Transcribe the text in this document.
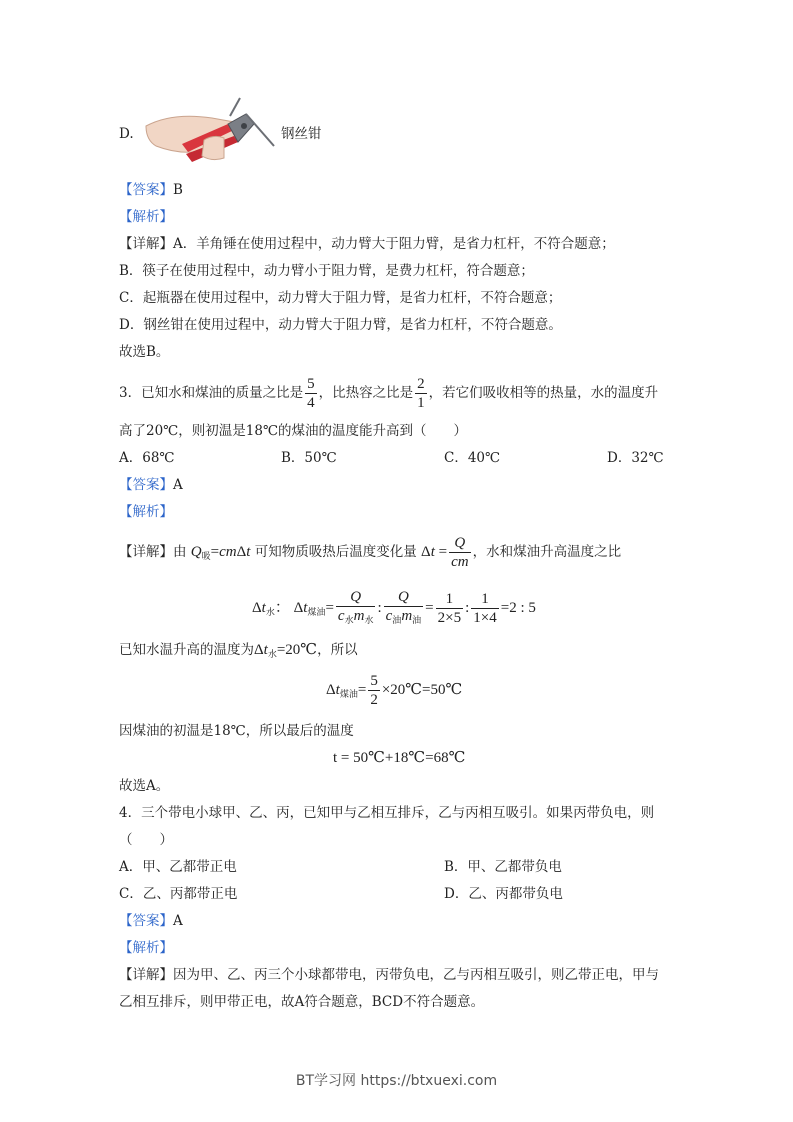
D.	钢丝钳
【答案】B
【解析】
【详解】A．羊角锤在使用过程中，动力臂大于阻力臂，是省力杠杆，不符合题意；
B．筷子在使用过程中，动力臂小于阻力臂，是费力杠杆，符合题意；
C．起瓶器在使用过程中，动力臂大于阻力臂，是省力杠杆，不符合题意；
D．钢丝钳在使用过程中，动力臂大于阻力臂，是省力杠杆，不符合题意。
故选B。
3．已知水和煤油的质量之比是 $\frac{5}{4}$ ，比热容之比是 $\frac{2}{1}$ ，若它们吸收相等的热量，水的温度升
高了20℃，则初温是18℃的煤油的温度能升高到（　　）
A．68℃	B．50℃	C．40℃	D．32℃
【答案】A
【解析】
【详解】由 $Q_吸=cm\Delta t$ 可知物质吸热后温度变化量 $\Delta t = \frac{Q}{cm}$ ，水和煤油升高温度之比
$\Delta t_水$： $\Delta t_{煤油}= \frac{Q}{c_水m_水}$ : $\frac{Q}{c_油m_油} = \frac{1}{2\times 5}$ : $\frac{1}{1\times 4} =2$ : 5
已知水温升高的温度为$\Delta t_水=20℃$，所以
$\Delta t_{煤油}= \frac{5}{2}$ ×20℃=50℃
因煤油的初温是18℃，所以最后的温度
t = 50℃+18℃=68℃
故选A。
4．三个带电小球甲、乙、丙，已知甲与乙相互排斥，乙与丙相互吸引。如果丙带负电，则
（　　）
A．甲、乙都带正电	B．甲、乙都带负电
C．乙、丙都带正电	D．乙、丙都带负电
【答案】A
【解析】
【详解】因为甲、乙、丙三个小球都带电，丙带负电，乙与丙相互吸引，则乙带正电，甲与
乙相互排斥，则甲带正电，故A符合题意，BCD不符合题意。
BT学习网 https://btxuexi.com
